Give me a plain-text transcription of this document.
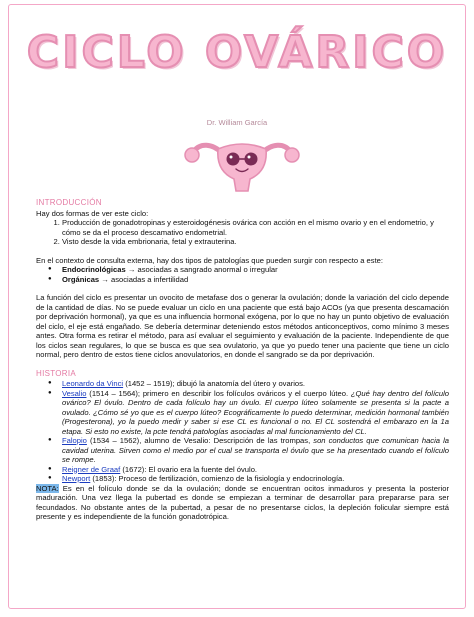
CICLO OVÁRICO
Dr. William García
INTRODUCCIÓN

Hay dos formas de ver este ciclo:

1. Producción de gonadotropinas y esteroidogénesis ovárica con acción en el mismo ovario y en el endometrio, y cómo se da el proceso descamativo endometrial.
2. Visto desde la vida embrionaria, fetal y extrauterina.

En el contexto de consulta externa, hay dos tipos de patologías que pueden surgir con respecto a este:

● Endocrinológicas → asociadas a sangrado anormal o irregular
● Orgánicas → asociadas a infertilidad

La función del ciclo es presentar un ovocito de metafase dos o generar la ovulación; donde la variación del ciclo depende de la cantidad de días. No se puede evaluar un ciclo en una paciente que está bajo ACOs (ya que presenta descamación por deprivación hormonal), ya que es una influencia hormonal exógena, por lo que no hay un punto objetivo de evaluación del ciclo, el eje está engañado. Se debería determinar deteniendo estos métodos anticonceptivos, como mínimo 3 meses antes. Otra forma es retirar el método, para así evaluar el seguimiento y evaluación de la paciente. Independiente de que los ciclos sean regulares, lo que se busca es que sea ovulatorio, ya que yo puedo tener una paciente que tiene un ciclo normal, pero dentro de estos tiene ciclos anovulatorios, en donde el sangrado se da por deprivación.

HISTORIA
● Leonardo da Vinci (1452 – 1519); dibujó la anatomía del útero y ovarios.
● Vesalio (1514 – 1564); primero en describir los folículos ováricos y el cuerpo lúteo. ¿Qué hay dentro del folículo ovárico? El óvulo. Dentro de cada folículo hay un óvulo. El cuerpo lúteo solamente se presenta si la pacte a ovulado. ¿Cómo sé yo que es el cuerpo lúteo? Ecográficamente lo puedo determinar, medición hormonal también (Progesterona), yo la puedo medir y saber si ese CL es funcional o no. El CL sostendrá el embarazo en la 1a etapa. Si esto no existe, la pcte tendrá patologías asociadas al mal funcionamiento del CL.
● Falopio (1534 – 1562), alumno de Vesalio: Descripción de las trompas, son conductos que comunican hacia la cavidad uterina. Sirven como el medio por el cual se transporta el óvulo que se ha presentado cuando el folículo se rompe.
● Reigner de Graaf (1672): El ovario era la fuente del óvulo.
● Newport (1853): Proceso de fertilización, comienzo de la fisiología y endocrinología.

NOTA: Es en el folículo donde se da la ovulación; donde se encuentran ocitos inmaduros y presenta la posterior maduración. Una vez llega la pubertad es donde se empiezan a terminar de desarrollar para prepararse para ser fecundados. No obstante antes de la pubertad, a pesar de no presentarse ciclos, la depleción folicular siempre está presente y es independiente de la función gonadotrópica.
